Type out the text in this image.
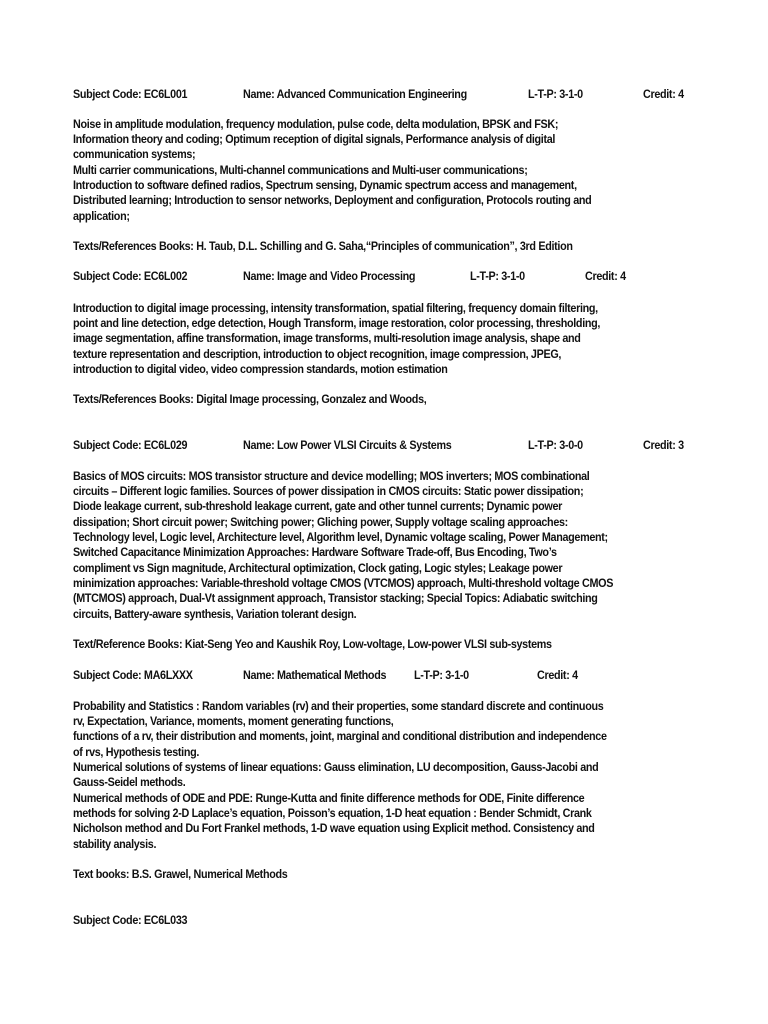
Subject Code: EC6L001	Name: Advanced Communication Engineering	L-T-P: 3-1-0	Credit: 4
Noise in amplitude modulation, frequency modulation, pulse code, delta modulation, BPSK and FSK;
Information theory and coding; Optimum reception of digital signals, Performance analysis of digital
communication systems;
Multi carrier communications, Multi-channel communications and Multi-user communications;
Introduction to software defined radios, Spectrum sensing, Dynamic spectrum access and management,
Distributed learning; Introduction to sensor networks, Deployment and configuration, Protocols routing and
application;
Texts/References Books: H. Taub, D.L. Schilling and G. Saha,“Principles of communication”, 3rd Edition
Subject Code: EC6L002	Name: Image and Video Processing	L-T-P: 3-1-0	Credit: 4
Introduction to digital image processing, intensity transformation, spatial filtering, frequency domain filtering,
point and line detection, edge detection, Hough Transform, image restoration, color processing, thresholding,
image segmentation, affine transformation, image transforms, multi-resolution image analysis, shape and
texture representation and description, introduction to object recognition, image compression, JPEG,
introduction to digital video, video compression standards, motion estimation
Texts/References Books: Digital Image processing, Gonzalez and Woods,
Subject Code: EC6L029	Name: Low Power VLSI Circuits & Systems	L-T-P: 3-0-0	Credit: 3
Basics of MOS circuits: MOS transistor structure and device modelling; MOS inverters; MOS combinational
circuits – Different logic families. Sources of power dissipation in CMOS circuits: Static power dissipation;
Diode leakage current, sub-threshold leakage current, gate and other tunnel currents; Dynamic power
dissipation; Short circuit power; Switching power; Gliching power, Supply voltage scaling approaches:
Technology level, Logic level, Architecture level, Algorithm level, Dynamic voltage scaling, Power Management;
Switched Capacitance Minimization Approaches: Hardware Software Trade-off, Bus Encoding, Two’s
compliment vs Sign magnitude, Architectural optimization, Clock gating, Logic styles; Leakage power
minimization approaches: Variable-threshold voltage CMOS (VTCMOS) approach, Multi-threshold voltage CMOS
(MTCMOS) approach, Dual-Vt assignment approach, Transistor stacking; Special Topics: Adiabatic switching
circuits, Battery-aware synthesis, Variation tolerant design.
Text/Reference Books: Kiat-Seng Yeo and Kaushik Roy, Low-voltage, Low-power VLSI sub-systems
Subject Code: MA6LXXX	Name: Mathematical Methods L-T-P: 3-1-0	Credit: 4
Probability and Statistics : Random variables (rv) and their properties, some standard discrete and continuous
rv, Expectation, Variance, moments, moment generating functions,
functions of a rv, their distribution and moments, joint, marginal and conditional distribution and independence
of rvs, Hypothesis testing.
Numerical solutions of systems of linear equations: Gauss elimination, LU decomposition, Gauss-Jacobi and
Gauss-Seidel methods.
Numerical methods of ODE and PDE: Runge-Kutta and finite difference methods for ODE, Finite difference
methods for solving 2-D Laplace’s equation, Poisson’s equation, 1-D heat equation : Bender Schmidt, Crank
Nicholson method and Du Fort Frankel methods, 1-D wave equation using Explicit method. Consistency and
stability analysis.
Text books: B.S. Grawel, Numerical Methods
Subject Code: EC6L033
